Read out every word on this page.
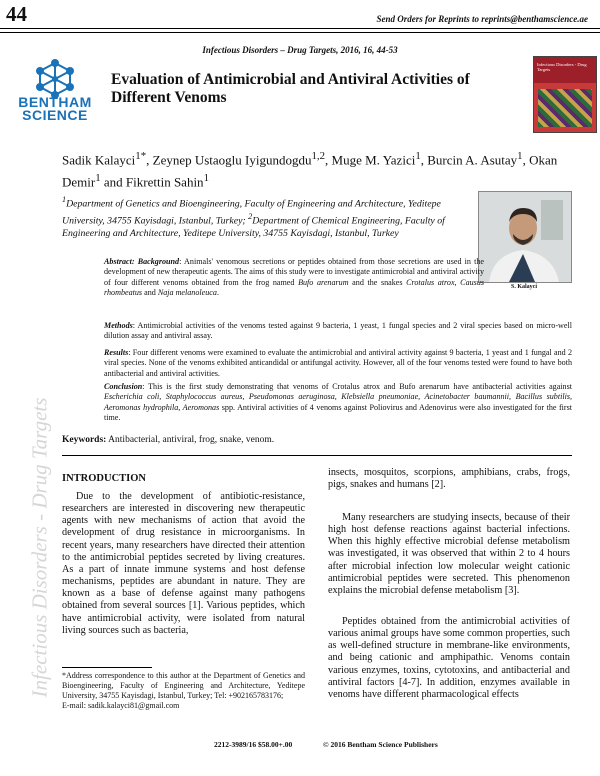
Infectious Disorders - Drug Targets
44	Send Orders for Reprints to reprints@benthamscience.ae
Infectious Disorders – Drug Targets, 2016, 16, 44-53
BENTHAM
SCIENCE
Evaluation of Antimicrobial and Antiviral Activities of Different Venoms
Infectious Disorders - Drug Targets
Sadik Kalayci$^{1*}$, Zeynep Ustaoglu Iyigundogdu$^{1,2}$, Muge M. Yazici$^1$, Burcin A. Asutay$^1$, Okan Demir$^1$ and Fikrettin Sahin$^1$
$^1$Department of Genetics and Bioengineering, Faculty of Engineering and Architecture, Yeditepe University, 34755 Kayisdagi, Istanbul, Turkey; $^2$Department of Chemical Engineering, Faculty of Engineering and Architecture, Yeditepe University, 34755 Kayisdagi, Istanbul, Turkey
S. Kalayci
Abstract: Background: Animals' venomous secretions or peptides obtained from those secretions are used in the development of new therapeutic agents. The aims of this study were to investigate antimicrobial and antiviral activity of four different venoms obtained from the frog named Bufo arenarum and the snakes Crotalus atrox, Causus rhombeatus and Naja melanoleuca.
Methods: Antimicrobial activities of the venoms tested against 9 bacteria, 1 yeast, 1 fungal species and 2 viral species based on micro-well dilution assay and antiviral assay.
Results: Four different venoms were examined to evaluate the antimicrobial and antiviral activity against 9 bacteria, 1 yeast and 1 fungal and 2 viral species. None of the venoms exhibited anticandidal or antifungal activity. However, all of the four venoms tested were found to have both antibacterial and antiviral activities.
Conclusion: This is the first study demonstrating that venoms of Crotalus atrox and Bufo arenarum have antibacterial activities against Escherichia coli, Staphylococcus aureus, Pseudomonas aeruginosa, Klebsiella pneumoniae, Acinetobacter baumannii, Bacillus subtilis, Aeromonas hydrophila, Aeromonas spp. Antiviral activities of 4 venoms against Poliovirus and Adenovirus were also investigated for the first time.
Keywords: Antibacterial, antiviral, frog, snake, venom.
INTRODUCTION
Due to the development of antibiotic-resistance, researchers are interested in discovering new therapeutic agents with new mechanisms of action that avoid the development of drug resistance in microorganisms. In recent years, many researchers have directed their attention to the antimicrobial peptides secreted by living creatures. As a part of innate immune systems and host defense mechanisms, peptides are abundant in nature. They are known as a base of defense against many pathogens obtained from several sources [1]. Various peptides, which have antimicrobial activity, were isolated from natural living sources such as bacteria,
insects, mosquitos, scorpions, amphibians, crabs, frogs, pigs, snakes and humans [2].
Many researchers are studying insects, because of their high host defense reactions against bacterial infections. When this highly effective microbial defense metabolism was investigated, it was observed that within 2 to 4 hours after microbial infection low molecular weight cationic antimicrobial peptides were secreted. This phenomenon explains the microbial defense metabolism [3].
Peptides obtained from the antimicrobial activities of various animal groups have some common properties, such as well-defined structure in membrane-like environments, and being cationic and amphipathic. Venoms contain various enzymes, toxins, cytotoxins, and antibacterial and antiviral factors [4-7]. In addition, enzymes available in venoms have different pharmacological effects
*Address correspondence to this author at the Department of Genetics and Bioengineering, Faculty of Engineering and Architecture, Yeditepe University, 34755 Kayisdagi, Istanbul, Turkey; Tel: +902165783176;
E-mail: sadik.kalayci81@gmail.com
2212-3989/16 $58.00+.00	© 2016 Bentham Science Publishers
